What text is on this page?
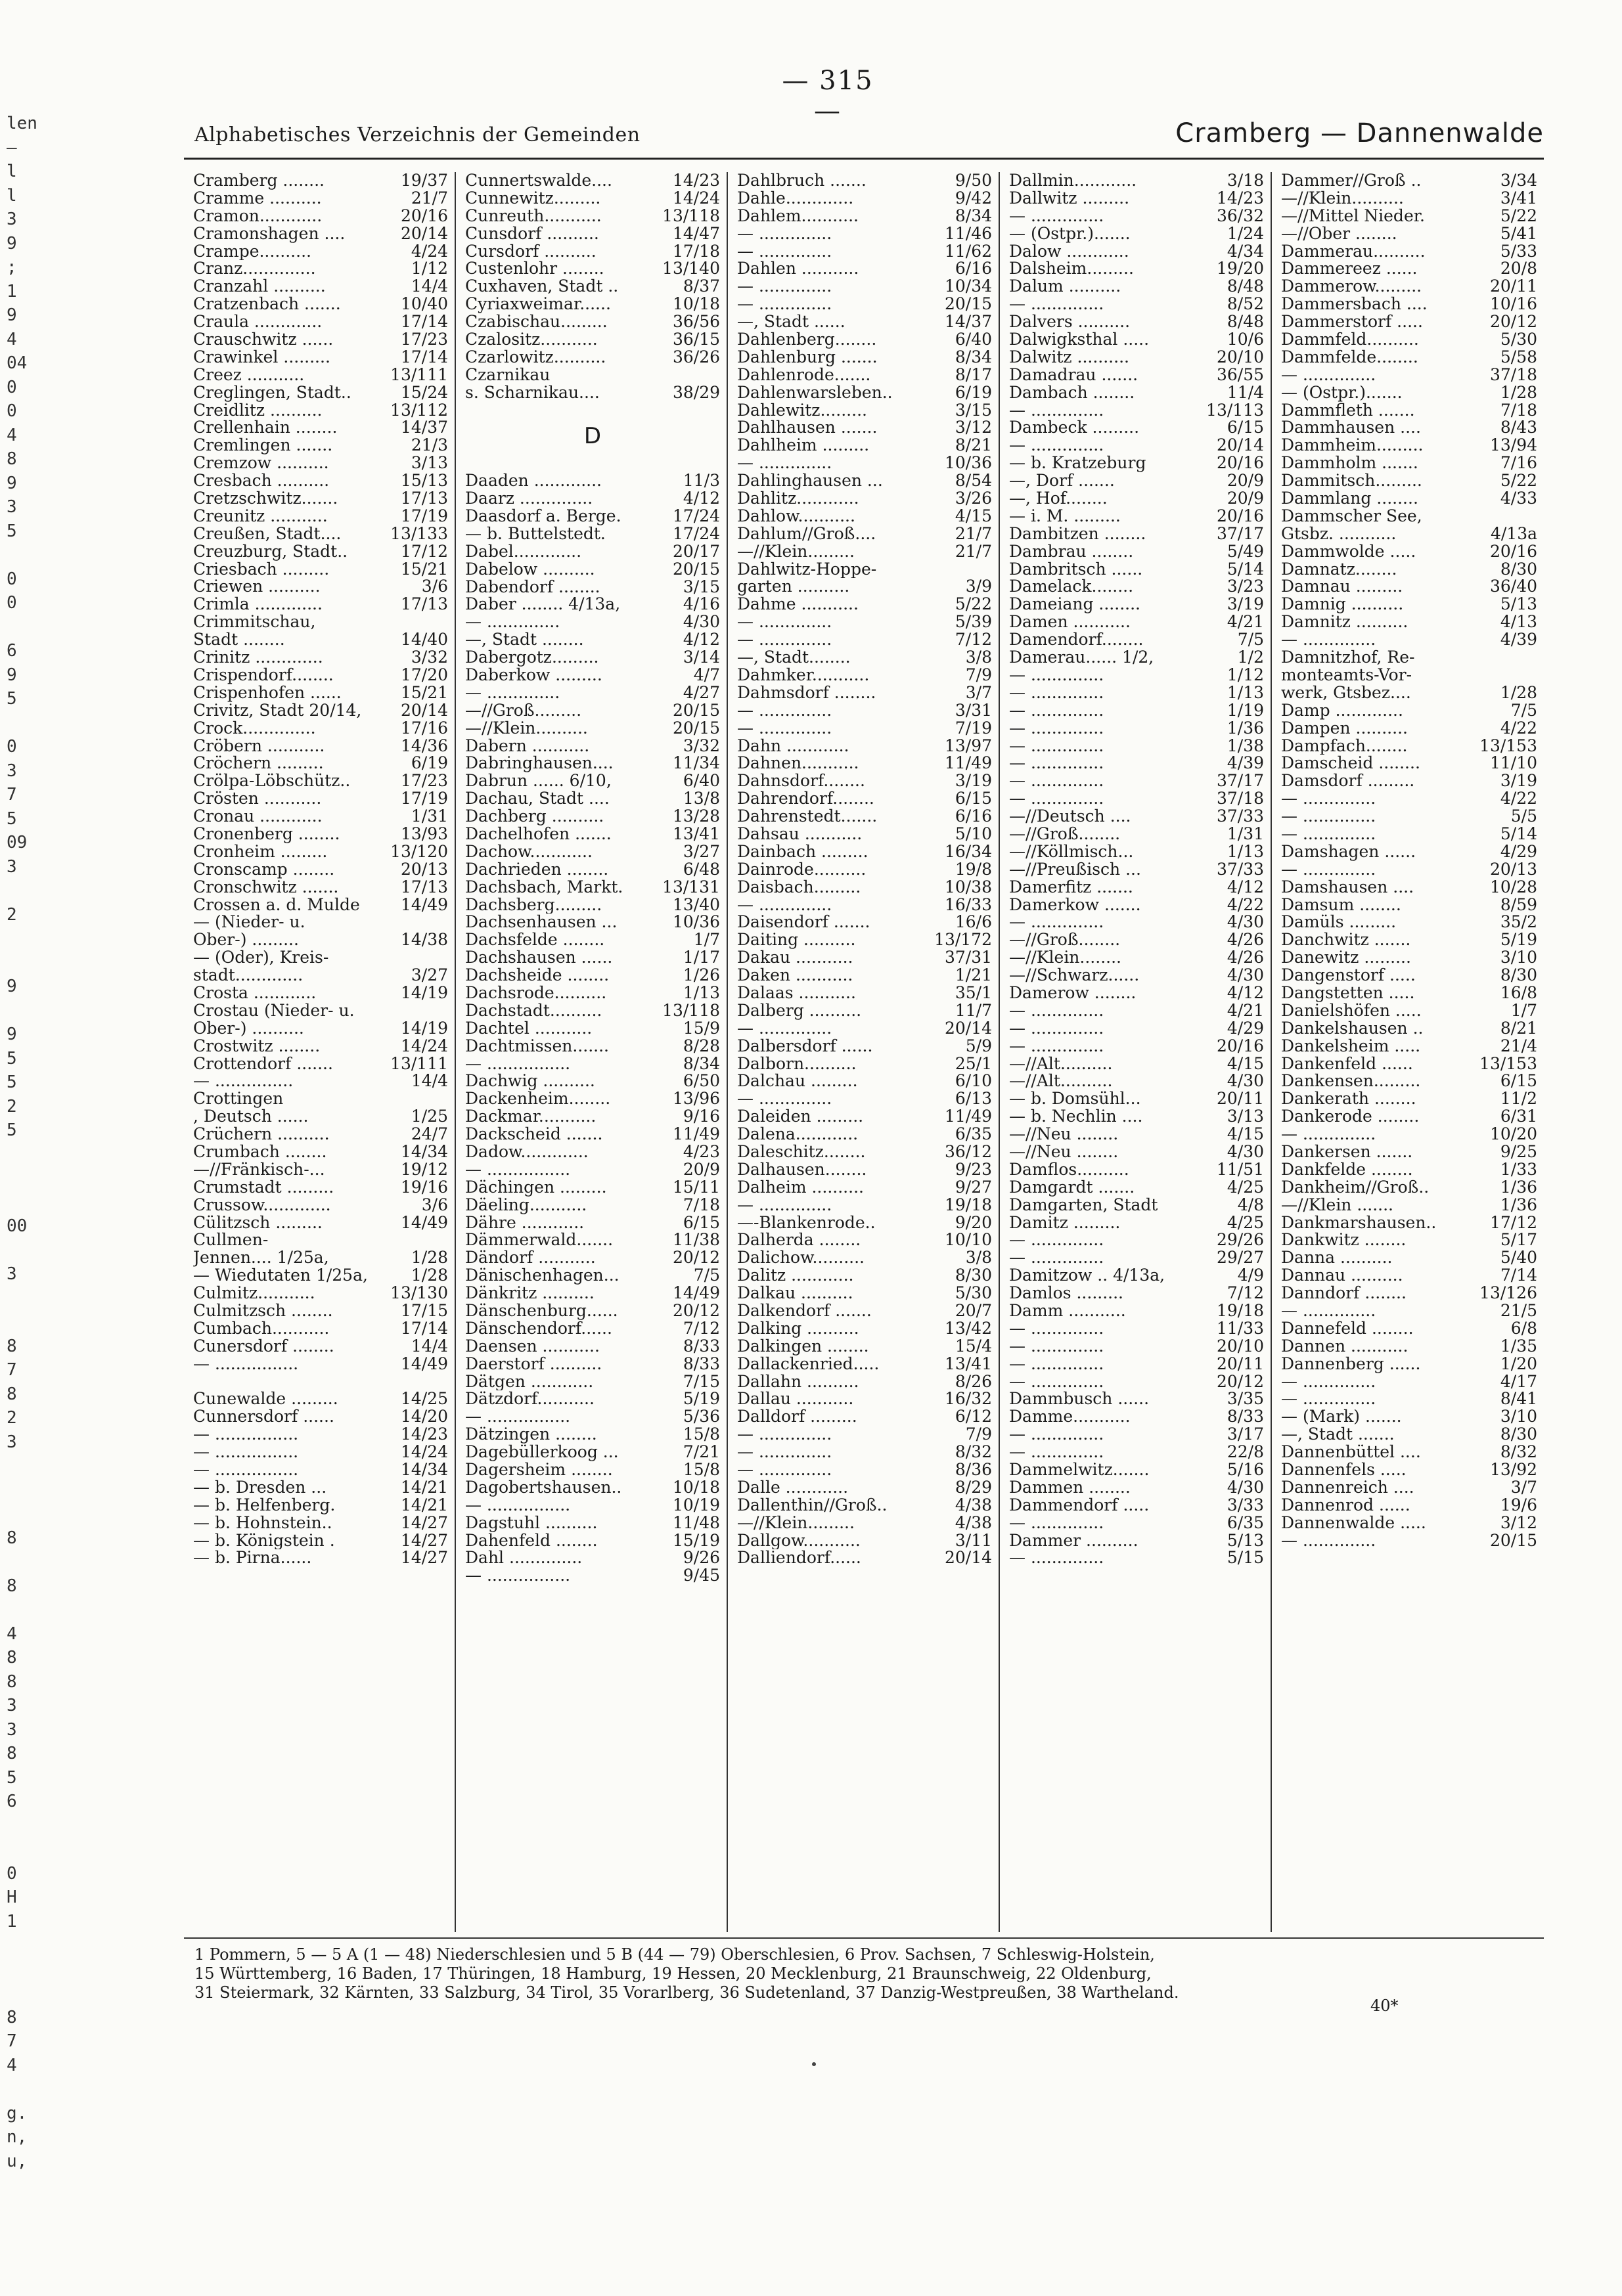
— 315 —
len
—
l
l
3
9
;
1
9
4
04
0
0
4
8
9
3
5
0
0
6
9
5
0
3
7
5
09
3
2
9
9
5
5
2
5
00
3
8
7
8
2
3
8
8
4
8
8
3
3
8
5
6
0
H
1
8
7
4
g.
n,
u,
Alphabetisches Verzeichnis der Gemeinden	Cramberg — Dannenwalde
Cramberg ........	19/37
Cramme ..........	21/7
Cramon............	20/16
Cramonshagen ....	20/14
Crampe..........	4/24
Cranz..............	1/12
Cranzahl ..........	14/4
Cratzenbach .......	10/40
Craula .............	17/14
Crauschwitz ......	17/23
Crawinkel .........	17/14
Creez ...........	13/111
Creglingen, Stadt..	15/24
Creidlitz ..........	13/112
Crellenhain ........	14/37
Cremlingen .......	21/3
Cremzow ..........	3/13
Cresbach ..........	15/13
Cretzschwitz.......	17/13
Creunitz ...........	17/19
Creußen, Stadt....	13/133
Creuzburg, Stadt..	17/12
Criesbach .........	15/21
Criewen ..........	3/6
Crimla .............	17/13
Crimmitschau,
Stadt ........	14/40
Crinitz .............	3/32
Crispendorf........	17/20
Crispenhofen ......	15/21
Crivitz, Stadt 20/14, 20/14
Crock..............	17/16
Cröbern ...........	14/36
Cröchern .........	6/19
Crölpa-Löbschütz..	17/23
Crösten ...........	17/19
Cronau ............	1/31
Cronenberg ........	13/93
Cronheim .........	13/120
Cronscamp ........	20/13
Cronschwitz .......	17/13
Crossen a. d. Mulde 14/49
— (Nieder- u.
Ober-) .........	14/38
— (Oder), Kreis-
stadt.............	3/27
Crosta ............	14/19
Crostau (Nieder- u.
Ober-) ..........	14/19
Crostwitz ........	14/24
Crottendorf .......	13/111
— ...............	14/4
Crottingen
, Deutsch ......	1/25
Crüchern ..........	24/7
Crumbach ........	14/34
—//Fränkisch-...	19/12
Crumstadt .........	19/16
Crussow.............	3/6
Cülitzsch .........	14/49
Cullmen-
Jennen.... 1/25a,	1/28
— Wiedutaten 1/25a,	1/28
Culmitz...........	13/130
Culmitzsch ........	17/15
Cumbach...........	17/14
Cunersdorf ........	14/4
— ................	14/49
Cunewalde .........	14/25
Cunnersdorf ......	14/20
— ................	14/23
— ................	14/24
— ................	14/34
— b. Dresden ...	14/21
— b. Helfenberg.	14/21
— b. Hohnstein..	14/27
— b. Königstein .	14/27
— b. Pirna......	14/27
Cunnertswalde....	14/23
Cunnewitz.........	14/24
Cunreuth...........	13/118
Cunsdorf ..........	14/47
Cursdorf ..........	17/18
Custenlohr ........	13/140
Cuxhaven, Stadt ..	8/37
Cyriaxweimar......	10/18
Czabischau.........	36/56
Czalositz...........	36/15
Czarlowitz..........	36/26
Czarnikau
s. Scharnikau....	38/29
D
Daaden .............	11/3
Daarz ..............	4/12
Daasdorf a. Berge.	17/24
— b. Buttelstedt.	17/24
Dabel.............	20/17
Dabelow ..........	20/15
Dabendorf ........	3/15
Daber ........ 4/13a,	4/16
— ..............	4/30
—, Stadt ........	4/12
Dabergotz.........	3/14
Daberkow .........	4/7
— ..............	4/27
—//Groß.........	20/15
—//Klein..........	20/15
Dabern ...........	3/32
Dabringhausen....	11/34
Dabrun ...... 6/10,	6/40
Dachau, Stadt ....	13/8
Dachberg ..........	13/28
Dachelhofen .......	13/41
Dachow............	3/27
Dachrieden ........	6/48
Dachsbach, Markt. 13/131
Dachsberg.........	13/40
Dachsenhausen ...	10/36
Dachsfelde ........	1/7
Dachshausen ......	1/17
Dachsheide ........	1/26
Dachsrode..........	1/13
Dachstadt..........	13/118
Dachtel ...........	15/9
Dachtmissen.......	8/28
— ................	8/34
Dachwig ..........	6/50
Dackenheim........	13/96
Dackmar...........	9/16
Dackscheid .......	11/49
Dadow.............	4/23
— ................	20/9
Dächingen .........	15/11
Däeling...........	7/18
Dähre ............	6/15
Dämmerwald.......	11/38
Dändorf ...........	20/12
Dänischenhagen...	7/5
Dänkritz ..........	14/49
Dänschenburg......	20/12
Dänschendorf......	7/12
Daensen ...........	8/33
Daerstorf ..........	8/33
Dätgen ............	7/15
Dätzdorf...........	5/19
— ................	5/36
Dätzingen ........	15/8
Dagebüllerkoog ...	7/21
Dagersheim ........	15/8
Dagobertshausen..	10/18
— ................	10/19
Dagstuhl ..........	11/48
Dahenfeld ........	15/19
Dahl ..............	9/26
— ................	9/45
Dahlbruch .......	9/50
Dahle.............	9/42
Dahlem...........	8/34
— ..............	11/46
— ..............	11/62
Dahlen ...........	6/16
— ..............	10/34
— ..............	20/15
—, Stadt ......	14/37
Dahlenberg........	6/40
Dahlenburg .......	8/34
Dahlenrode.......	8/17
Dahlenwarsleben..	6/19
Dahlewitz.........	3/15
Dahlhausen .......	3/12
Dahlheim .........	8/21
— ..............	10/36
Dahlinghausen ...	8/54
Dahlitz............	3/26
Dahlow...........	4/15
Dahlum//Groß....	21/7
—//Klein.........	21/7
Dahlwitz-Hoppe-
garten ..........	3/9
Dahme ...........	5/22
— ..............	5/39
— ..............	7/12
—, Stadt........	3/8
Dahmker...........	7/9
Dahmsdorf ........	3/7
— ..............	3/31
— ..............	7/19
Dahn ............	13/97
Dahnen...........	11/49
Dahnsdorf........	3/19
Dahrendorf........	6/15
Dahrenstedt.......	6/16
Dahsau ...........	5/10
Dainbach .........	16/34
Dainrode..........	19/8
Daisbach.........	10/38
— ..............	16/33
Daisendorf .......	16/6
Daiting ..........	13/172
Dakau ...........	37/31
Daken ...........	1/21
Dalaas ...........	35/1
Dalberg ..........	11/7
— ..............	20/14
Dalbersdorf ......	5/9
Dalborn..........	25/1
Dalchau .........	6/10
— ..............	6/13
Daleiden .........	11/49
Dalena............	6/35
Daleschitz........	36/12
Dalhausen........	9/23
Dalheim ..........	9/27
— ..............	19/18
—-Blankenrode..	9/20
Dalherda ........	10/10
Dalichow..........	3/8
Dalitz ............	8/30
Dalkau ..........	5/30
Dalkendorf .......	20/7
Dalking ..........	13/42
Dalkingen ........	15/4
Dallackenried.....	13/41
Dallahn ..........	8/26
Dallau ...........	16/32
Dalldorf .........	6/12
— ..............	7/9
— ..............	8/32
— ..............	8/36
Dalle ............	8/29
Dallenthin//Groß..	4/38
—//Klein.........	4/38
Dallgow...........	3/11
Dalliendorf......	20/14
Dallmin............	3/18
Dallwitz .........	14/23
— ..............	36/32
— (Ostpr.).......	1/24
Dalow ............	4/34
Dalsheim.........	19/20
Dalum ..........	8/48
— ..............	8/52
Dalvers ..........	8/48
Dalwigksthal .....	10/6
Dalwitz ..........	20/10
Damadrau .......	36/55
Dambach ........	11/4
— ..............	13/113
Dambeck .........	6/15
— ..............	20/14
— b. Kratzeburg	20/16
—, Dorf .......	20/9
—, Hof........	20/9
— i. M. .........	20/16
Dambitzen ........	37/17
Dambrau ........	5/49
Dambritsch ......	5/14
Damelack........	3/23
Dameiang ........	3/19
Damen ...........	4/21
Damendorf........	7/5
Damerau...... 1/2,	1/2
— ..............	1/12
— ..............	1/13
— ..............	1/19
— ..............	1/36
— ..............	1/38
— ..............	4/39
— ..............	37/17
— ..............	37/18
—//Deutsch ....	37/33
—//Groß........	1/31
—//Köllmisch...	1/13
—//Preußisch ...	37/33
Damerfitz .......	4/12
Damerkow .......	4/22
— ..............	4/30
—//Groß........	4/26
—//Klein........	4/26
—//Schwarz......	4/30
Damerow ........	4/12
— ..............	4/21
— ..............	4/29
— ..............	20/16
—//Alt..........	4/15
—//Alt..........	4/30
— b. Domsühl...	20/11
— b. Nechlin ....	3/13
—//Neu ........	4/15
—//Neu ........	4/30
Damflos..........	11/51
Damgardt .......	4/25
Damgarten, Stadt	4/8
Damitz .........	4/25
— ..............	29/26
— ..............	29/27
Damitzow .. 4/13a,	4/9
Damlos .........	7/12
Damm ...........	19/18
— ..............	11/33
— ..............	20/10
— ..............	20/11
— ..............	20/12
Dammbusch ......	3/35
Damme...........	8/33
— ..............	3/17
— ..............	22/8
Dammelwitz.......	5/16
Dammen ........	4/30
Dammendorf .....	3/33
— ..............	6/35
Dammer ..........	5/13
— ..............	5/15
Dammer//Groß ..	3/34
—//Klein..........	3/41
—//Mittel Nieder.	5/22
—//Ober ........	5/41
Dammerau..........	5/33
Dammereez ......	20/8
Dammerow.........	20/11
Dammersbach ....	10/16
Dammerstorf .....	20/12
Dammfeld..........	5/30
Dammfelde........	5/58
— ..............	37/18
— (Ostpr.).......	1/28
Dammfleth .......	7/18
Dammhausen ....	8/43
Dammheim.........	13/94
Dammholm .......	7/16
Dammitsch.........	5/22
Dammlang ........	4/33
Dammscher See,
Gtsbz. ...........	4/13a
Dammwolde .....	20/16
Damnatz........	8/30
Damnau .........	36/40
Damnig ..........	5/13
Damnitz ..........	4/13
— ..............	4/39
Damnitzhof, Re-
monteamts-Vor-
werk, Gtsbez....	1/28
Damp .............	7/5
Dampen ..........	4/22
Dampfach........	13/153
Damscheid ........	11/10
Damsdorf .........	3/19
— ..............	4/22
— ..............	5/5
— ..............	5/14
Damshagen ......	4/29
— ..............	20/13
Damshausen ....	10/28
Damsum ........	8/59
Damüls .........	35/2
Danchwitz .......	5/19
Danewitz .........	3/10
Dangenstorf .....	8/30
Dangstetten .....	16/8
Danielshöfen .....	1/7
Dankelshausen ..	8/21
Dankelsheim .....	21/4
Dankenfeld ......	13/153
Dankensen.........	6/15
Dankerath ........	11/2
Dankerode ........	6/31
— ..............	10/20
Dankersen .......	9/25
Dankfelde ........	1/33
Dankheim//Groß..	1/36
—//Klein .......	1/36
Dankmarshausen..	17/12
Dankwitz ........	5/17
Danna ..........	5/40
Dannau ..........	7/14
Danndorf ........	13/126
— ..............	21/5
Dannefeld ........	6/8
Dannen ...........	1/35
Dannenberg ......	1/20
— ..............	4/17
— ..............	8/41
— (Mark) .......	3/10
—, Stadt .......	8/30
Dannenbüttel ....	8/32
Dannenfels .....	13/92
Dannenreich ....	3/7
Dannenrod ......	19/6
Dannenwalde .....	3/12
— ..............	20/15
1 Pommern, 5 — 5 A (1 — 48) Niederschlesien und 5 B (44 — 79) Oberschlesien, 6 Prov. Sachsen, 7 Schleswig-Holstein,
15 Württemberg, 16 Baden, 17 Thüringen, 18 Hamburg, 19 Hessen, 20 Mecklenburg, 21 Braunschweig, 22 Oldenburg,
31 Steiermark, 32 Kärnten, 33 Salzburg, 34 Tirol, 35 Vorarlberg, 36 Sudetenland, 37 Danzig-Westpreußen, 38 Wartheland.
40*
